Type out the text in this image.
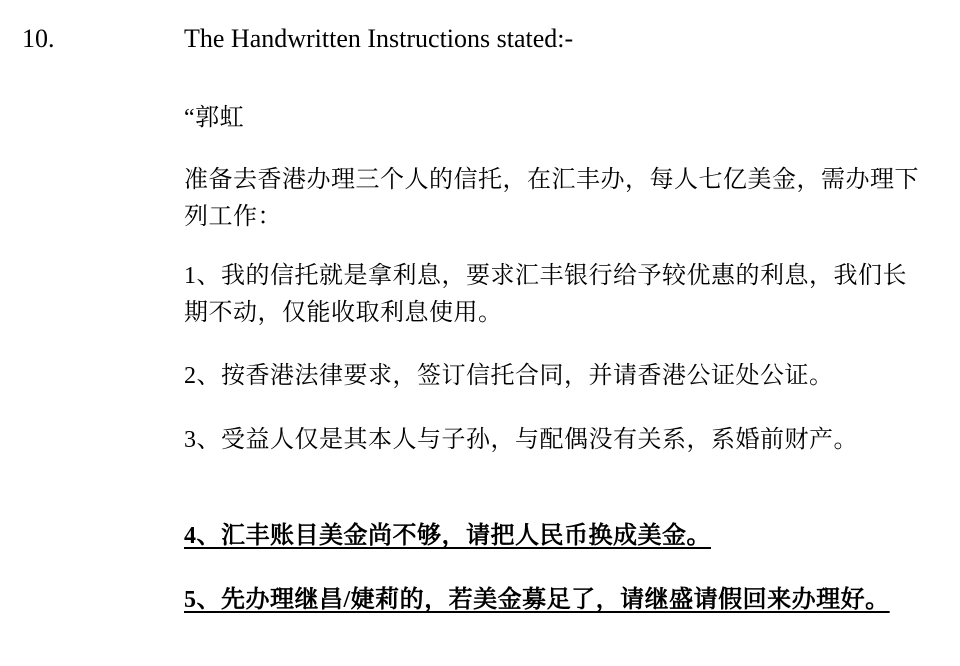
10.	The Handwritten Instructions stated:-

“郭虹

准备去香港办理三个人的信托，在汇丰办，每人七亿美金，需办理下列工作：

1、我的信托就是拿利息，要求汇丰银行给予较优惠的利息，我们长期不动，仅能收取利息使用。

2、按香港法律要求，签订信托合同，并请香港公证处公证。

3、受益人仅是其本人与子孙，与配偶没有关系，系婚前财产。

4、汇丰账目美金尚不够，请把人民币换成美金。

5、先办理继昌/婕莉的，若美金募足了，请继盛请假回来办理好。
